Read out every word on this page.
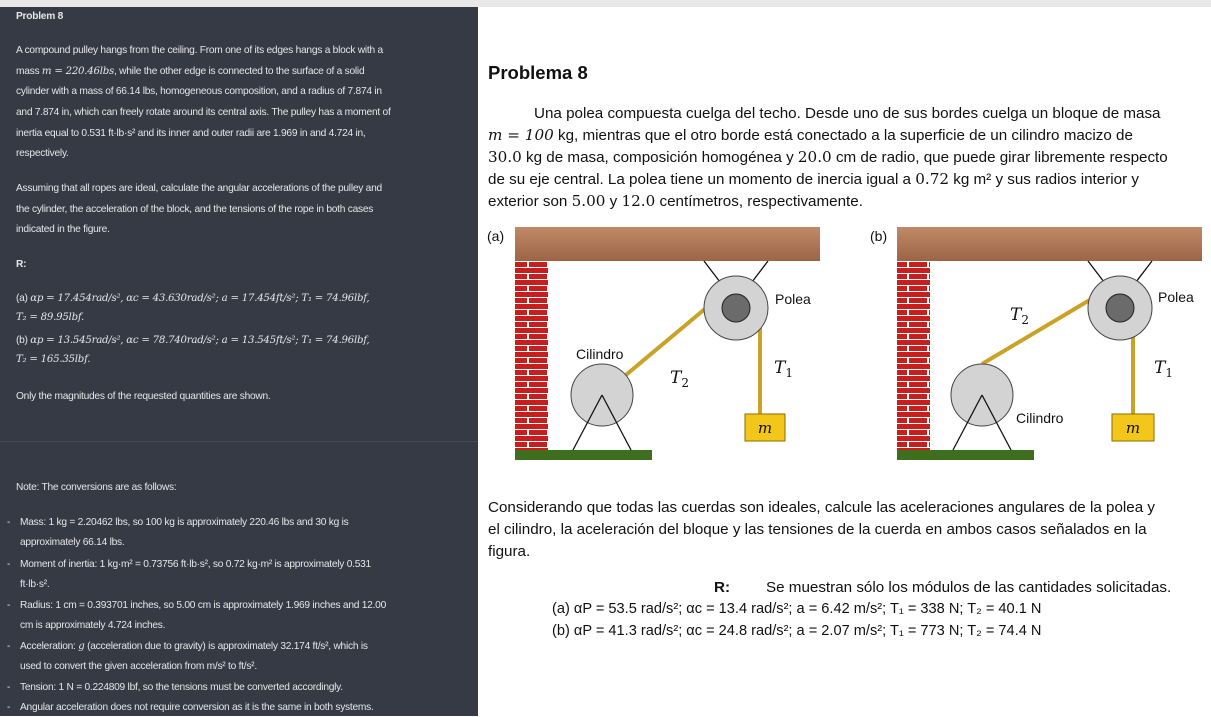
Problem 8
A compound pulley hangs from the ceiling. From one of its edges hangs a block with a
mass m = 220.46lbs, while the other edge is connected to the surface of a solid
cylinder with a mass of 66.14 lbs, homogeneous composition, and a radius of 7.874 in
and 7.874 in, which can freely rotate around its central axis. The pulley has a moment of
inertia equal to 0.531 ft·lb·s² and its inner and outer radii are 1.969 in and 4.724 in,
respectively.
Assuming that all ropes are ideal, calculate the angular accelerations of the pulley and
the cylinder, the acceleration of the block, and the tensions of the rope in both cases
indicated in the figure.
R:
(a) αp = 17.454rad/s², αc = 43.630rad/s²; a = 17.454ft/s²; T₁ = 74.96lbf,
T₂ = 89.95lbf.
(b) αp = 13.545rad/s², αc = 78.740rad/s²; a = 13.545ft/s²; T₁ = 74.96lbf,
T₂ = 165.35lbf.
Only the magnitudes of the requested quantities are shown.
Note: The conversions are as follows:
- Mass: 1 kg = 2.20462 lbs, so 100 kg is approximately 220.46 lbs and 30 kg is
approximately 66.14 lbs.
- Moment of inertia: 1 kg·m² = 0.73756 ft·lb·s², so 0.72 kg·m² is approximately 0.531
ft·lb·s².
- Radius: 1 cm = 0.393701 inches, so 5.00 cm is approximately 1.969 inches and 12.00
cm is approximately 4.724 inches.
- Acceleration: g (acceleration due to gravity) is approximately 32.174 ft/s², which is
used to convert the given acceleration from m/s² to ft/s².
- Tension: 1 N = 0.224809 lbf, so the tensions must be converted accordingly.
- Angular acceleration does not require conversion as it is the same in both systems.
Problema 8
Una polea compuesta cuelga del techo. Desde uno de sus bordes cuelga un bloque de masa
m = 100 kg, mientras que el otro borde está conectado a la superficie de un cilindro macizo de
30.0 kg de masa, composición homogénea y 20.0 cm de radio, que puede girar libremente respecto
de su eje central. La polea tiene un momento de inercia igual a 0.72 kg m² y sus radios interior y
exterior son 5.00 y 12.0 centímetros, respectivamente.
(a)
m
Polea
Cilindro
$T_2$
$T_1$
(b)
m
Polea
Cilindro
$T_2$
$T_1$
Considerando que todas las cuerdas son ideales, calcule las aceleraciones angulares de la polea y
el cilindro, la aceleración del bloque y las tensiones de la cuerda en ambos casos señalados en la
figura.
R: Se muestran sólo los módulos de las cantidades solicitadas.
(a) αP = 53.5 rad/s²; αc = 13.4 rad/s²; a = 6.42 m/s²; T₁ = 338 N; T₂ = 40.1 N
(b) αP = 41.3 rad/s²; αc = 24.8 rad/s²; a = 2.07 m/s²; T₁ = 773 N; T₂ = 74.4 N
